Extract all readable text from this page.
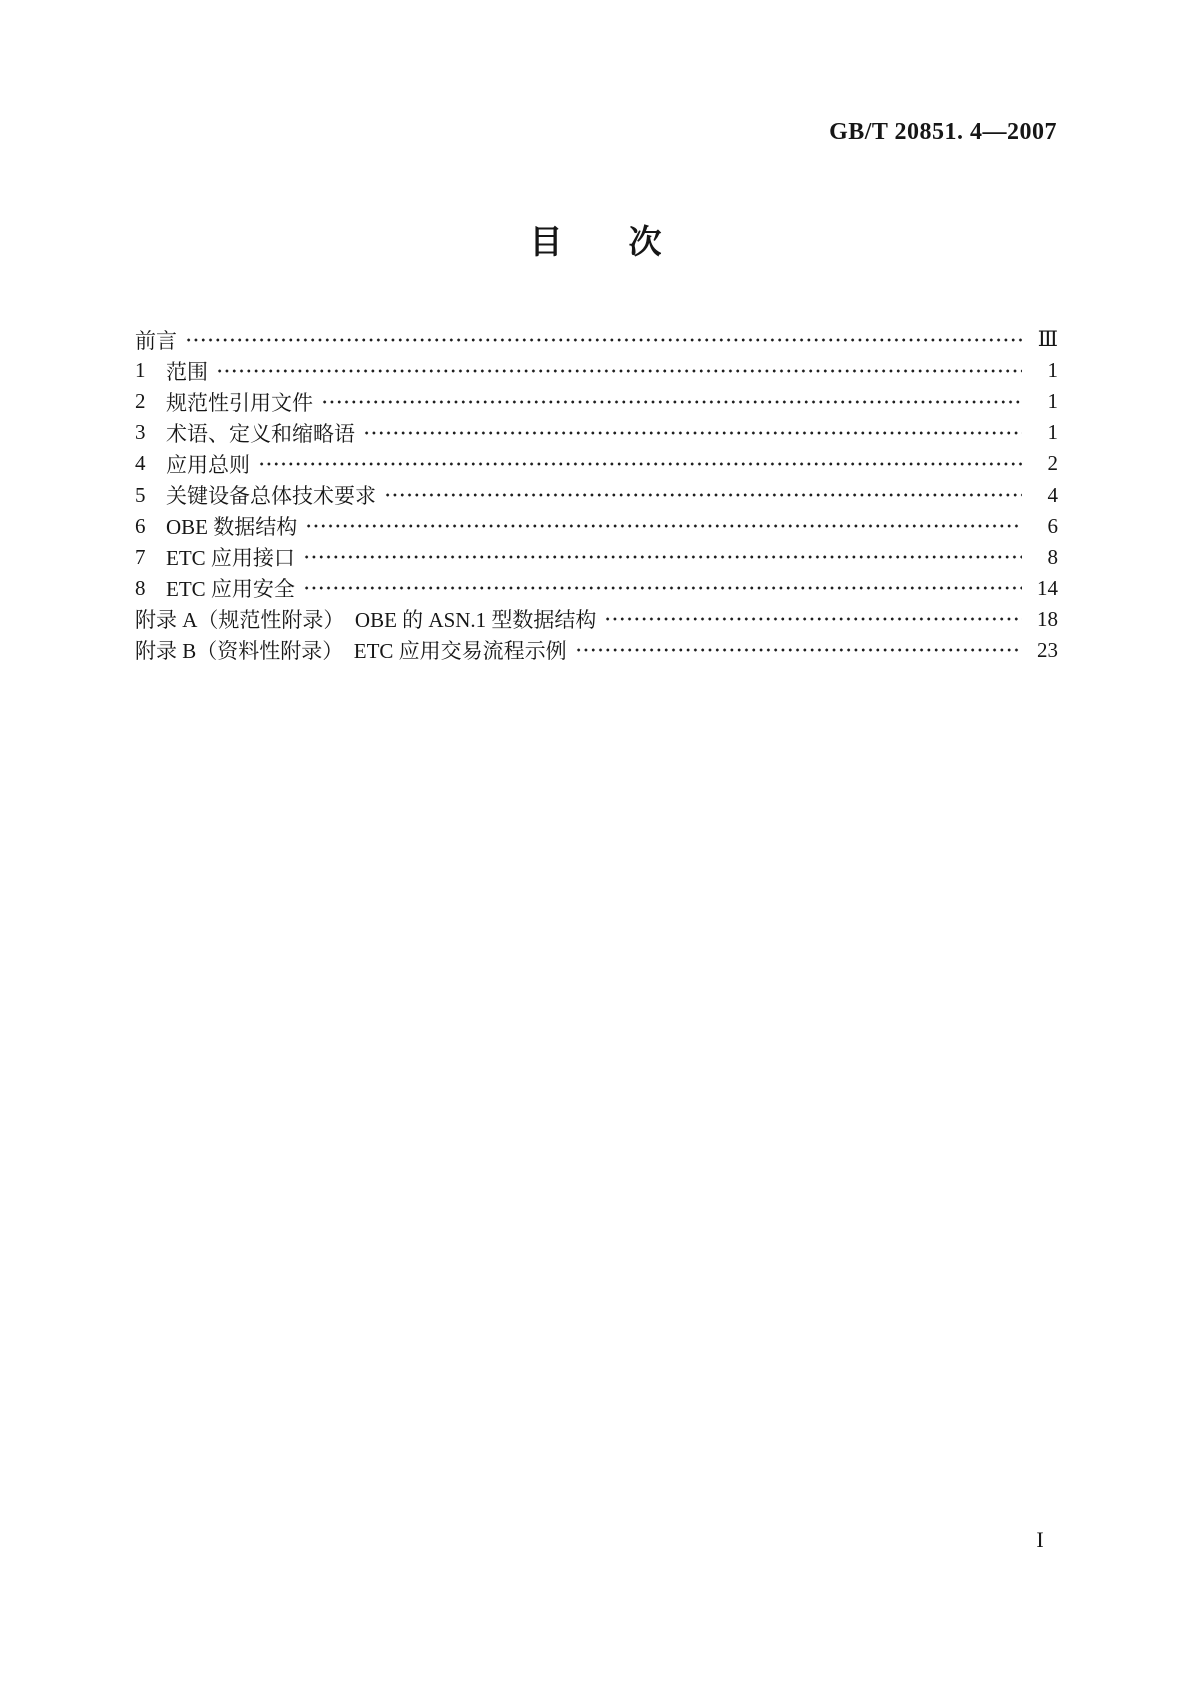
GB/T 20851. 4—2007
目　　次
前言	Ⅲ
1 范围	1
2 规范性引用文件	1
3 术语、定义和缩略语	1
4 应用总则	2
5 关键设备总体技术要求	4
6 OBE 数据结构	6
7 ETC 应用接口	8
8 ETC 应用安全	14
附录 A（规范性附录）　OBE 的 ASN.1 型数据结构	18
附录 B（资料性附录）　ETC 应用交易流程示例	23
I
